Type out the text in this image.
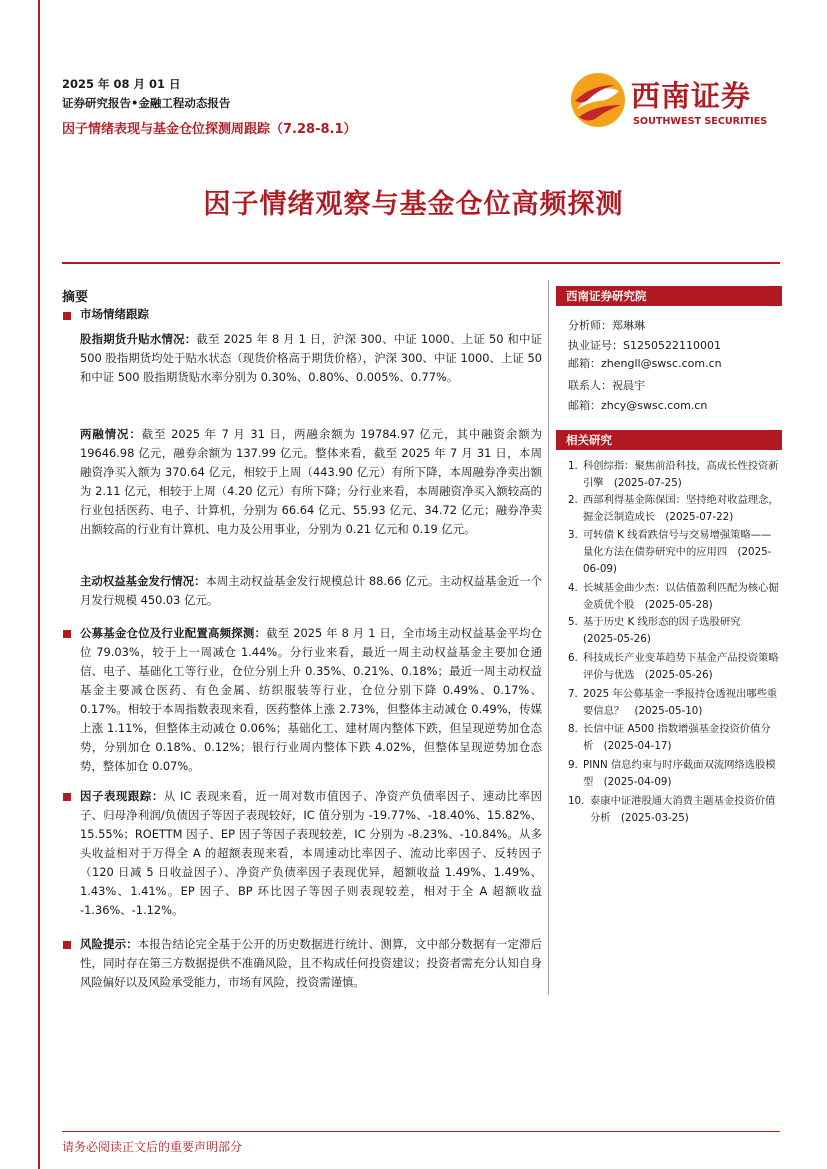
2025 年 08 月 01 日
证券研究报告•金融工程动态报告
因子情绪表现与基金仓位探测周跟踪（7.28-8.1）
西南证券
SOUTHWEST SECURITIES
因子情绪观察与基金仓位高频探测
摘要
市场情绪跟踪
股指期货升贴水情况：截至 2025 年 8 月 1 日，沪深 300、中证 1000、上证 50 和中证 500 股指期货均处于贴水状态（现货价格高于期货价格），沪深 300、中证 1000、上证 50 和中证 500 股指期货贴水率分别为 0.30%、0.80%、0.005%、0.77%。
两融情况：截至 2025 年 7 月 31 日，两融余额为 19784.97 亿元，其中融资余额为 19646.98 亿元，融券余额为 137.99 亿元。整体来看，截至 2025 年 7 月 31 日，本周融资净买入额为 370.64 亿元，相较于上周（443.90 亿元）有所下降，本周融券净卖出额为 2.11 亿元，相较于上周（4.20 亿元）有所下降；分行业来看，本周融资净买入额较高的行业包括医药、电子、计算机，分别为 66.64 亿元、55.93 亿元、34.72 亿元；融券净卖出额较高的行业有计算机、电力及公用事业，分别为 0.21 亿元和 0.19 亿元。
主动权益基金发行情况：本周主动权益基金发行规模总计 88.66 亿元。主动权益基金近一个月发行规模 450.03 亿元。
公募基金仓位及行业配置高频探测：截至 2025 年 8 月 1 日，全市场主动权益基金平均仓位 79.03%，较于上一周减仓 1.44%。分行业来看，最近一周主动权益基金主要加仓通信、电子、基础化工等行业，仓位分别上升 0.35%、0.21%、0.18%；最近一周主动权益基金主要减仓医药、有色金属、纺织服装等行业，仓位分别下降 0.49%、0.17%、0.17%。相较于本周指数表现来看，医药整体上涨 2.73%，但整体主动减仓 0.49%，传媒上涨 1.11%，但整体主动减仓 0.06%；基础化工、建材周内整体下跌，但呈现逆势加仓态势，分别加仓 0.18%、0.12%；银行行业周内整体下跌 4.02%，但整体呈现逆势加仓态势，整体加仓 0.07%。
因子表现跟踪：从 IC 表现来看，近一周对数市值因子、净资产负债率因子、速动比率因子、归母净利润/负债因子等因子表现较好，IC 值分别为 -19.77%、-18.40%、15.82%、15.55%；ROETTM 因子、EP 因子等因子表现较差，IC 分别为 -8.23%、-10.84%。从多头收益相对于万得全 A 的超额表现来看，本周速动比率因子、流动比率因子、反转因子（120 日减 5 日收益因子）、净资产负债率因子表现优异，超额收益 1.49%、1.49%、1.43%、1.41%。EP 因子、BP 环比因子等因子则表现较差，相对于全 A 超额收益 -1.36%、-1.12%。
风险提示：本报告结论完全基于公开的历史数据进行统计、测算，文中部分数据有一定滞后性，同时存在第三方数据提供不准确风险，且不构成任何投资建议；投资者需充分认知自身风险偏好以及风险承受能力，市场有风险，投资需谨慎。
西南证券研究院
分析师：郑琳琳
执业证号：S1250522110001
邮箱：zhengll@swsc.com.cn
联系人：祝晨宇
邮箱：zhcy@swsc.com.cn
相关研究
1. 科创综指：聚焦前沿科技，高成长性投资新引擎　(2025-07-25)
2. 西部利得基金陈保国：坚持绝对收益理念，掘金泛制造成长　(2025-07-22)
3. 可转债 K 线看跌信号与交易增强策略——量化方法在债券研究中的应用四　(2025-06-09)
4. 长城基金曲少杰：以估值盈利匹配为核心掘金质优个股　(2025-05-28)
5. 基于历史 K 线形态的因子选股研究　(2025-05-26)
6. 科技成长产业变革趋势下基金产品投资策略评价与优选　(2025-05-26)
7. 2025 年公募基金一季报持仓透视出哪些重要信息？　(2025-05-10)
8. 长信中证 A500 指数增强基金投资价值分析　(2025-04-17)
9. PINN 信息约束与时序截面双流网络选股模型　(2025-04-09)
10. 泰康中证港股通大消费主题基金投资价值分析　(2025-03-25)
请务必阅读正文后的重要声明部分
